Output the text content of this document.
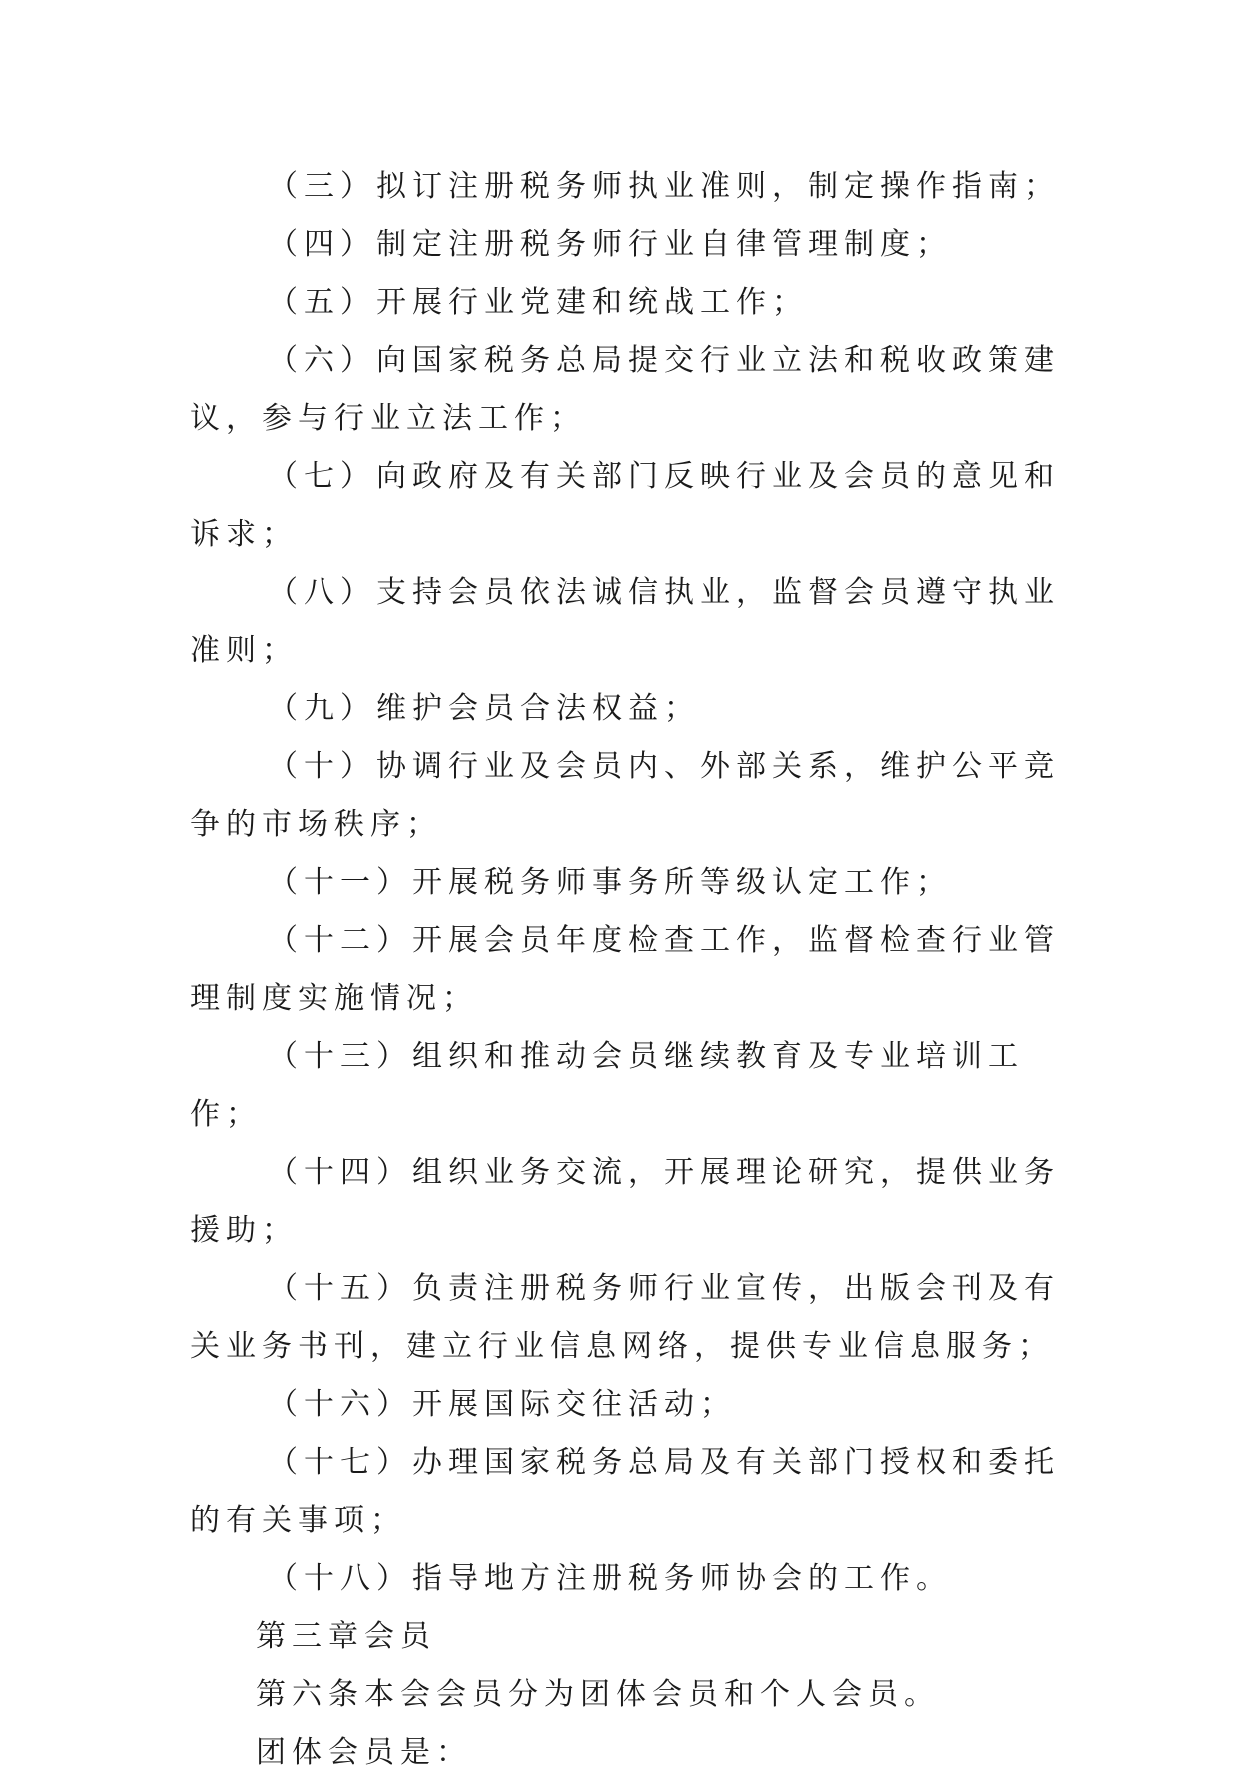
（三）拟订注册税务师执业准则，制定操作指南；

（四）制定注册税务师行业自律管理制度；

（五）开展行业党建和统战工作；

（六）向国家税务总局提交行业立法和税收政策建议，参与行业立法工作；

（七）向政府及有关部门反映行业及会员的意见和诉求；

（八）支持会员依法诚信执业，监督会员遵守执业准则；

（九）维护会员合法权益；

（十）协调行业及会员内、外部关系，维护公平竞争的市场秩序；

（十一）开展税务师事务所等级认定工作；

（十二）开展会员年度检查工作，监督检查行业管理制度实施情况；

（十三）组织和推动会员继续教育及专业培训工作；

（十四）组织业务交流，开展理论研究，提供业务援助；

（十五）负责注册税务师行业宣传，出版会刊及有关业务书刊，建立行业信息网络，提供专业信息服务；

（十六）开展国际交往活动；

（十七）办理国家税务总局及有关部门授权和委托的有关事项；

（十八）指导地方注册税务师协会的工作。

第三章会员

第六条本会会员分为团体会员和个人会员。

团体会员是：
